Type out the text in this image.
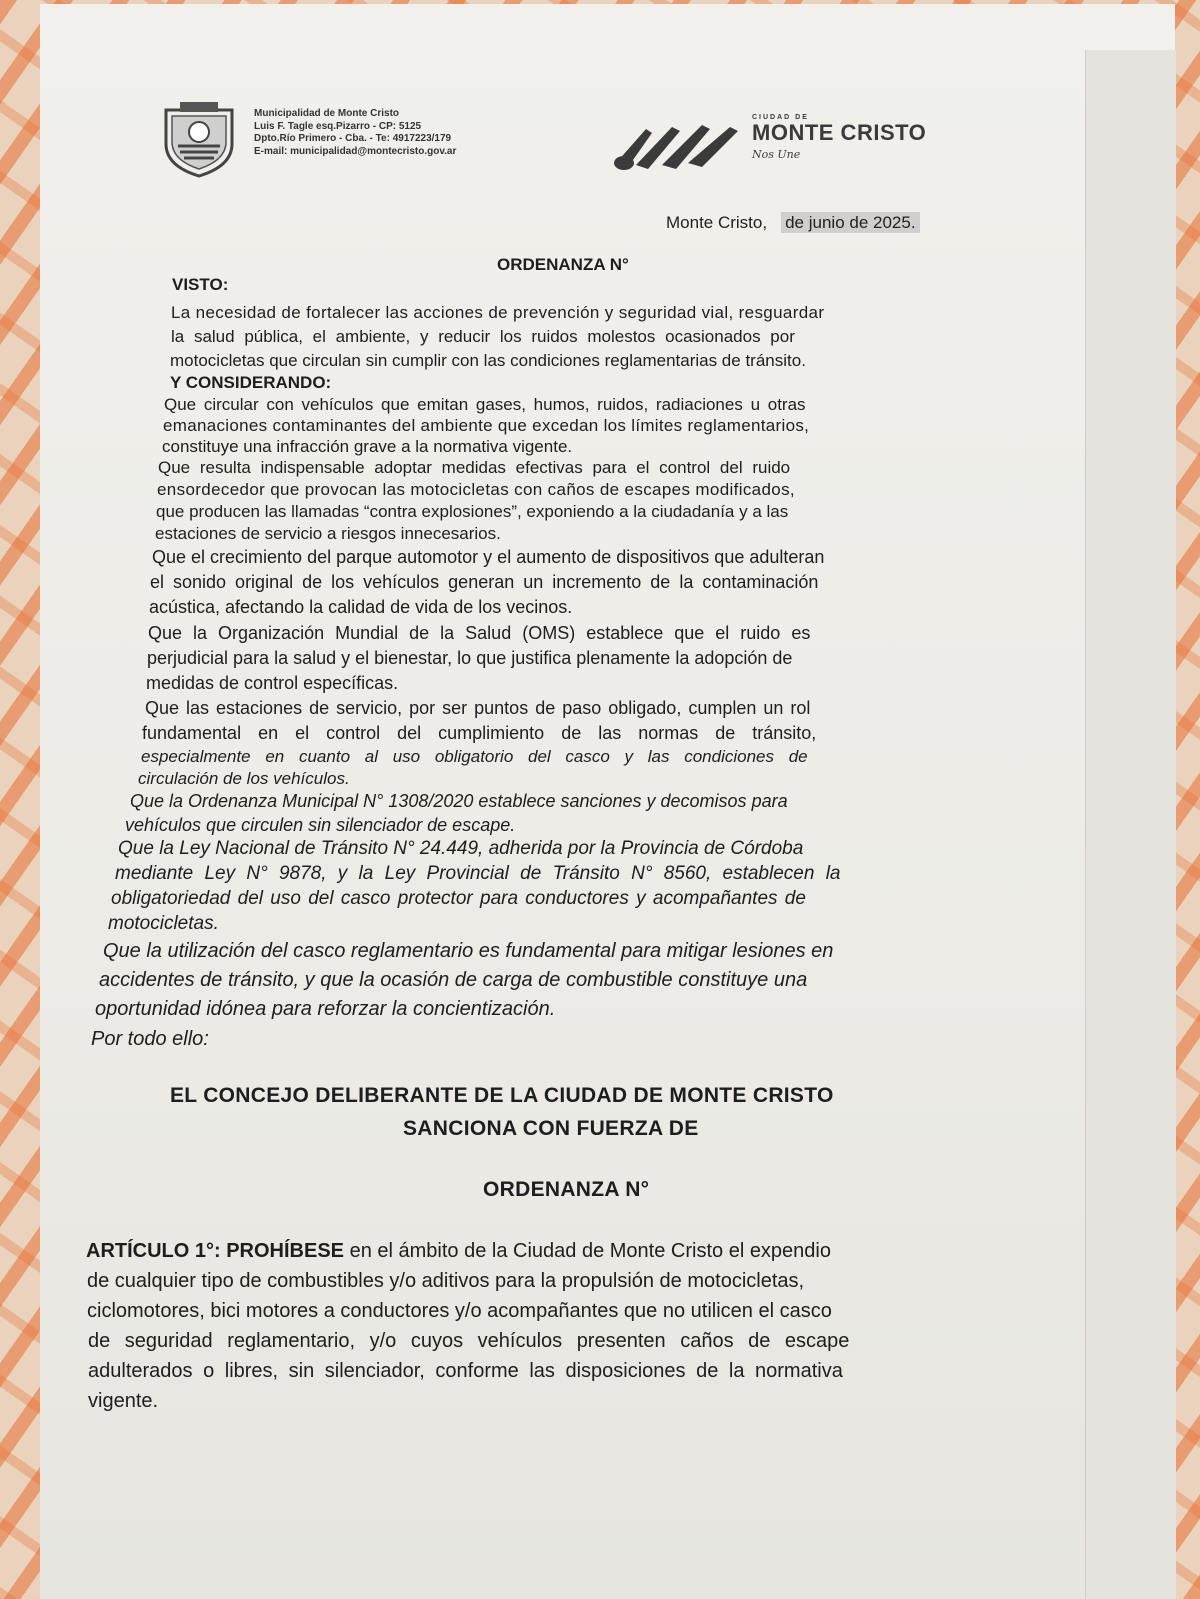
Municipalidad de Monte Cristo
Luis F. Tagle esq.Pizarro - CP: 5125
Dpto.Río Primero - Cba. - Te: 4917223/179
E-mail: municipalidad@montecristo.gov.ar
CIUDAD DE
MONTE CRISTO
Nos Une
Monte Cristo, de junio de 2025.
ORDENANZA N°
VISTO:
La necesidad de fortalecer las acciones de prevención y seguridad vial, resguardar
la salud pública, el ambiente, y reducir los ruidos molestos ocasionados por
motocicletas que circulan sin cumplir con las condiciones reglamentarias de tránsito.
Y CONSIDERANDO:
Que circular con vehículos que emitan gases, humos, ruidos, radiaciones u otras
emanaciones contaminantes del ambiente que excedan los límites reglamentarios,
constituye una infracción grave a la normativa vigente.
Que resulta indispensable adoptar medidas efectivas para el control del ruido
ensordecedor que provocan las motocicletas con caños de escapes modificados,
que producen las llamadas “contra explosiones”, exponiendo a la ciudadanía y a las
estaciones de servicio a riesgos innecesarios.
Que el crecimiento del parque automotor y el aumento de dispositivos que adulteran
el sonido original de los vehículos generan un incremento de la contaminación
acústica, afectando la calidad de vida de los vecinos.
Que la Organización Mundial de la Salud (OMS) establece que el ruido es
perjudicial para la salud y el bienestar, lo que justifica plenamente la adopción de
medidas de control específicas.
Que las estaciones de servicio, por ser puntos de paso obligado, cumplen un rol
fundamental en el control del cumplimiento de las normas de tránsito,
especialmente en cuanto al uso obligatorio del casco y las condiciones de
circulación de los vehículos.
Que la Ordenanza Municipal N° 1308/2020 establece sanciones y decomisos para
vehículos que circulen sin silenciador de escape.
Que la Ley Nacional de Tránsito N° 24.449, adherida por la Provincia de Córdoba
mediante Ley N° 9878, y la Ley Provincial de Tránsito N° 8560, establecen la
obligatoriedad del uso del casco protector para conductores y acompañantes de
motocicletas.
Que la utilización del casco reglamentario es fundamental para mitigar lesiones en
accidentes de tránsito, y que la ocasión de carga de combustible constituye una
oportunidad idónea para reforzar la concientización.
Por todo ello:
EL CONCEJO DELIBERANTE DE LA CIUDAD DE MONTE CRISTO
SANCIONA CON FUERZA DE
ORDENANZA N°
ARTÍCULO 1°: PROHÍBESE en el ámbito de la Ciudad de Monte Cristo el expendio
de cualquier tipo de combustibles y/o aditivos para la propulsión de motocicletas,
ciclomotores, bici motores a conductores y/o acompañantes que no utilicen el casco
de seguridad reglamentario, y/o cuyos vehículos presenten caños de escape
adulterados o libres, sin silenciador, conforme las disposiciones de la normativa
vigente.
